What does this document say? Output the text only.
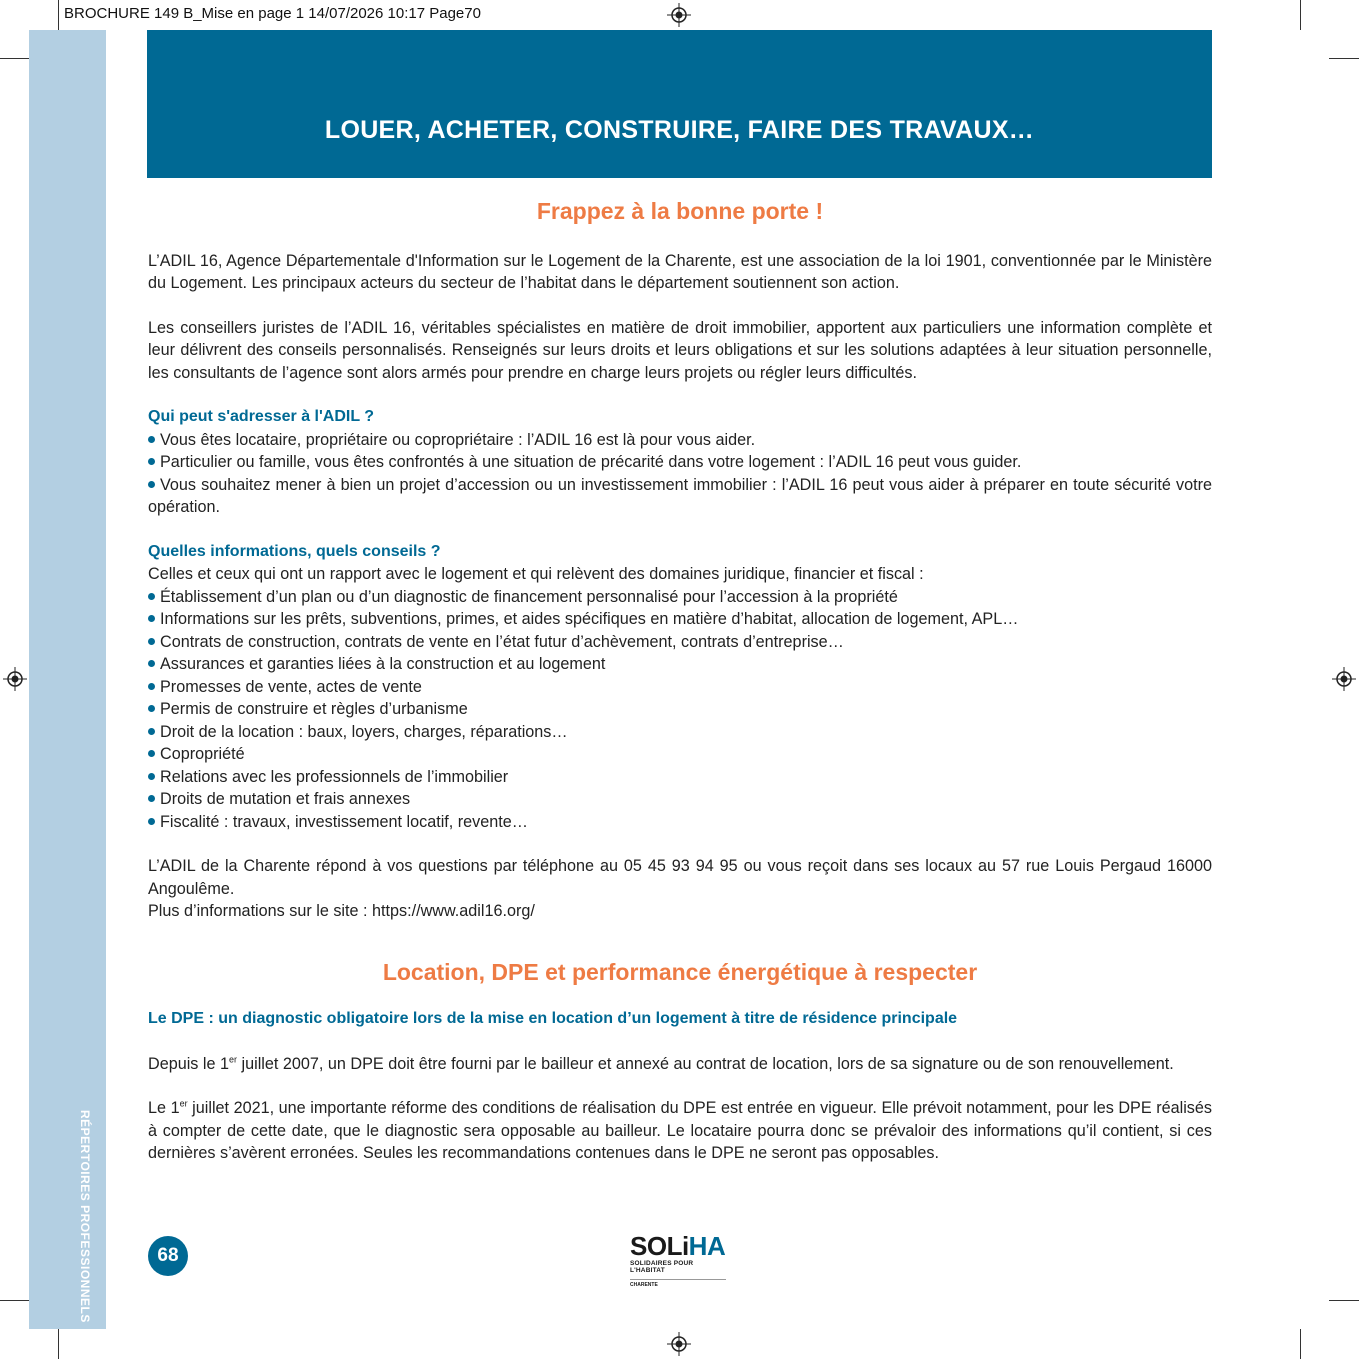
BROCHURE 149 B_Mise en page 1 14/07/2026 10:17 Page70
RÉPERTOIRES PROFESSIONNELS
LOUER, ACHETER, CONSTRUIRE, FAIRE DES TRAVAUX…
Frappez à la bonne porte !

L’ADIL 16, Agence Départementale d'Information sur le Logement de la Charente, est une association de la loi 1901, conventionnée par le Ministère du Logement. Les principaux acteurs du secteur de l’habitat dans le département soutiennent son action.

Les conseillers juristes de l’ADIL 16, véritables spécialistes en matière de droit immobilier, apportent aux particuliers une information complète et leur délivrent des conseils personnalisés. Renseignés sur leurs droits et leurs obligations et sur les solutions adaptées à leur situation personnelle, les consultants de l’agence sont alors armés pour prendre en charge leurs projets ou régler leurs difficultés.

Qui peut s'adresser à l'ADIL ?
Vous êtes locataire, propriétaire ou copropriétaire : l’ADIL 16 est là pour vous aider.
Particulier ou famille, vous êtes confrontés à une situation de précarité dans votre logement : l’ADIL 16 peut vous guider.
Vous souhaitez mener à bien un projet d’accession ou un investissement immobilier : l’ADIL 16 peut vous aider à préparer en toute sécurité votre opération.
Quelles informations, quels conseils ?

Celles et ceux qui ont un rapport avec le logement et qui relèvent des domaines juridique, financier et fiscal :

Établissement d’un plan ou d’un diagnostic de financement personnalisé pour l’accession à la propriété
Informations sur les prêts, subventions, primes, et aides spécifiques en matière d’habitat, allocation de logement, APL…
Contrats de construction, contrats de vente en l’état futur d’achèvement, contrats d’entreprise…
Assurances et garanties liées à la construction et au logement
Promesses de vente, actes de vente
Permis de construire et règles d’urbanisme
Droit de la location : baux, loyers, charges, réparations…
Copropriété
Relations avec les professionnels de l’immobilier
Droits de mutation et frais annexes
Fiscalité : travaux, investissement locatif, revente…

L’ADIL de la Charente répond à vos questions par téléphone au 05 45 93 94 95 ou vous reçoit dans ses locaux au 57 rue Louis Pergaud 16000 Angoulême.

Plus d’informations sur le site : https://www.adil16.org/

Location, DPE et performance énergétique à respecter
Le DPE : un diagnostic obligatoire lors de la mise en location d’un logement à titre de résidence principale

Depuis le 1er juillet 2007, un DPE doit être fourni par le bailleur et annexé au contrat de location, lors de sa signature ou de son renouvellement.

Le 1er juillet 2021, une importante réforme des conditions de réalisation du DPE est entrée en vigueur. Elle prévoit notamment, pour les DPE réalisés à compter de cette date, que le diagnostic sera opposable au bailleur. Le locataire pourra donc se prévaloir des informations qu’il contient, si ces dernières s’avèrent erronées. Seules les recommandations contenues dans le DPE ne seront pas opposables.

68	SOLiHA
SOLIDAIRES POUR L'HABITAT
CHARENTE
